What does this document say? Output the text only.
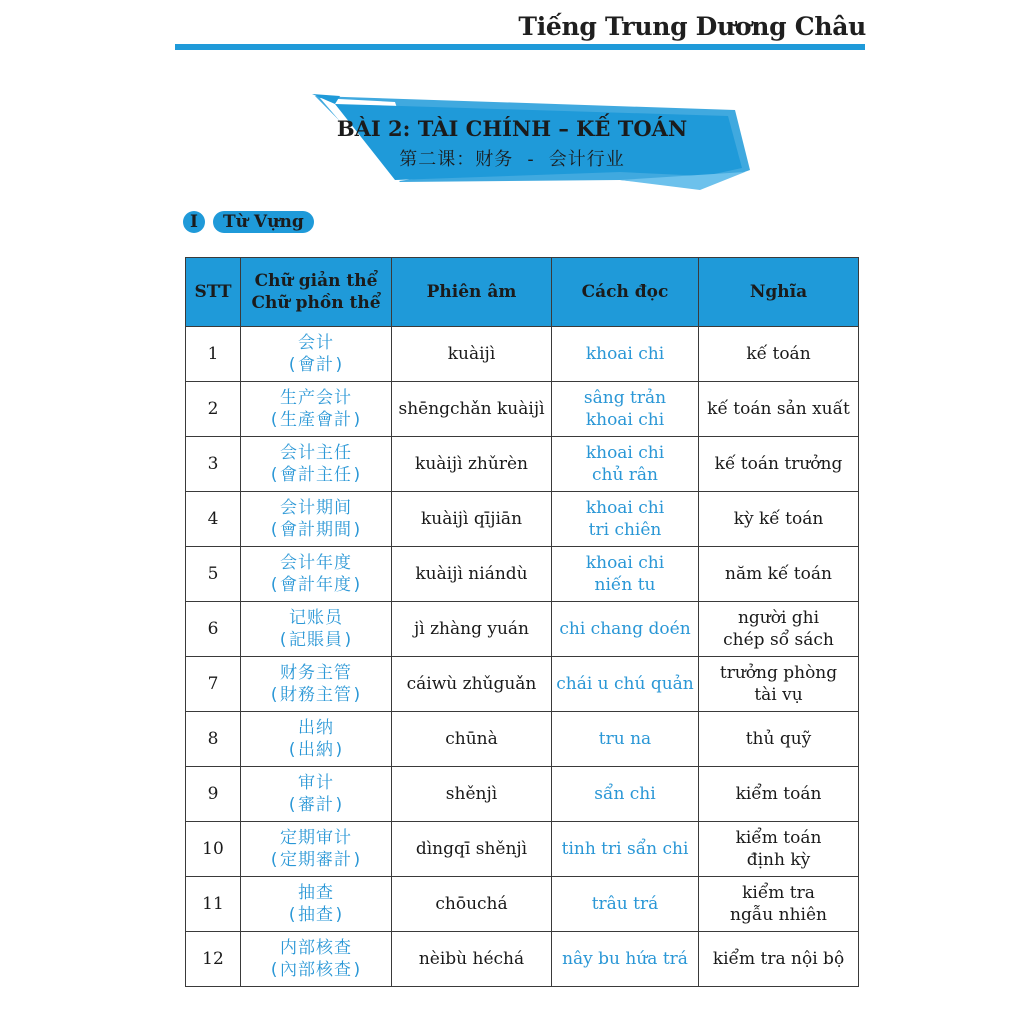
Tiếng Trung Dương Châu
BÀI 2: TÀI CHÍNH – KẾ TOÁN
第二课：财务 - 会计行业
I	Từ Vựng
STT	Chữ giản thể
Chữ phồn thể	Phiên âm	Cách đọc	Nghĩa
1	会计
(會計)	kuàijì	khoai chi	kế toán

2	生产会计
(生產會計)	shēngchǎn kuàijì	sâng trản
khoai chi	kế toán sản xuất

3	会计主任
(會計主任)	kuàijì zhǔrèn	khoai chi
chủ rân	kế toán trưởng

4	会计期间
(會計期間)	kuàijì qījiān	khoai chi
tri chiên	kỳ kế toán

5	会计年度
(會計年度)	kuàijì niándù	khoai chi
niến tu	năm kế toán

6	记账员
(記賬員)	jì zhàng yuán	chi chang doén	người ghi
chép sổ sách

7	财务主管
(財務主管)	cáiwù zhǔguǎn	chái u chú quản	trưởng phòng
tài vụ

8	出纳
(出納)	chūnà	tru na	thủ quỹ

9	审计
(審計)	shěnjì	sẩn chi	kiểm toán

10	定期审计
(定期審計)	dìngqī shěnjì	tinh tri sẩn chi	kiểm toán
định kỳ

11	抽查
(抽查)	chōuchá	trâu trá	kiểm tra
ngẫu nhiên

12	内部核查
(內部核查)	nèibù héchá	nây bu hứa trá	kiểm tra nội bộ
